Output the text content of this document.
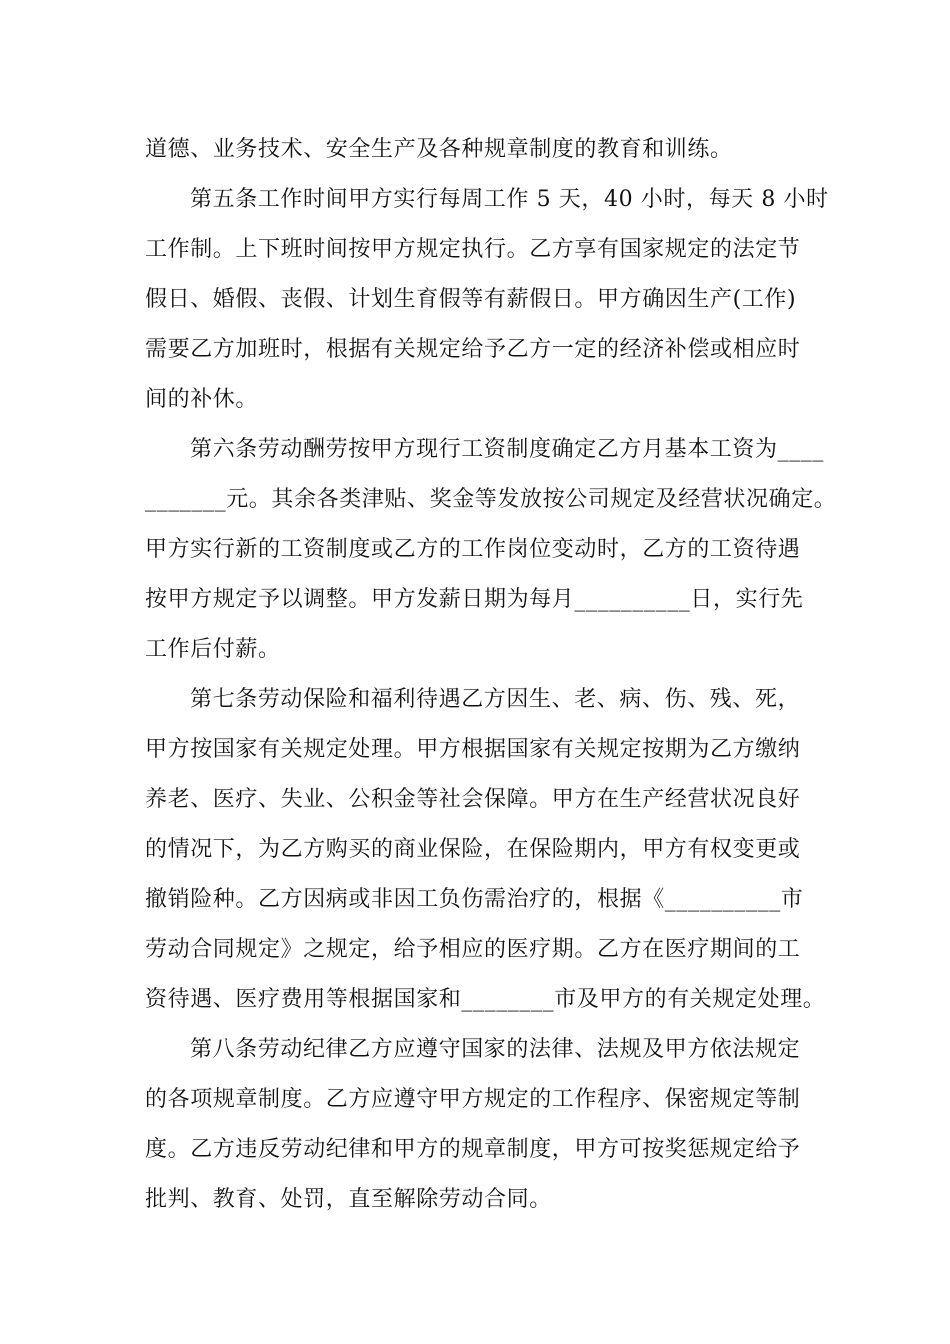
道德、业务技术、安全生产及各种规章制度的教育和训练。
第五条工作时间甲方实行每周工作 5 天，40 小时，每天 8 小时
工作制。上下班时间按甲方规定执行。乙方享有国家规定的法定节
假日、婚假、丧假、计划生育假等有薪假日。甲方确因生产(工作)
需要乙方加班时，根据有关规定给予乙方一定的经济补偿或相应时
间的补休。
第六条劳动酬劳按甲方现行工资制度确定乙方月基本工资为____
_______元。其余各类津贴、奖金等发放按公司规定及经营状况确定。
甲方实行新的工资制度或乙方的工作岗位变动时，乙方的工资待遇
按甲方规定予以调整。甲方发薪日期为每月__________日，实行先
工作后付薪。
第七条劳动保险和福利待遇乙方因生、老、病、伤、残、死，
甲方按国家有关规定处理。甲方根据国家有关规定按期为乙方缴纳
养老、医疗、失业、公积金等社会保障。甲方在生产经营状况良好
的情况下，为乙方购买的商业保险，在保险期内，甲方有权变更或
撤销险种。乙方因病或非因工负伤需治疗的，根据《__________市
劳动合同规定》之规定，给予相应的医疗期。乙方在医疗期间的工
资待遇、医疗费用等根据国家和________市及甲方的有关规定处理。
第八条劳动纪律乙方应遵守国家的法律、法规及甲方依法规定
的各项规章制度。乙方应遵守甲方规定的工作程序、保密规定等制
度。乙方违反劳动纪律和甲方的规章制度，甲方可按奖惩规定给予
批判、教育、处罚，直至解除劳动合同。
